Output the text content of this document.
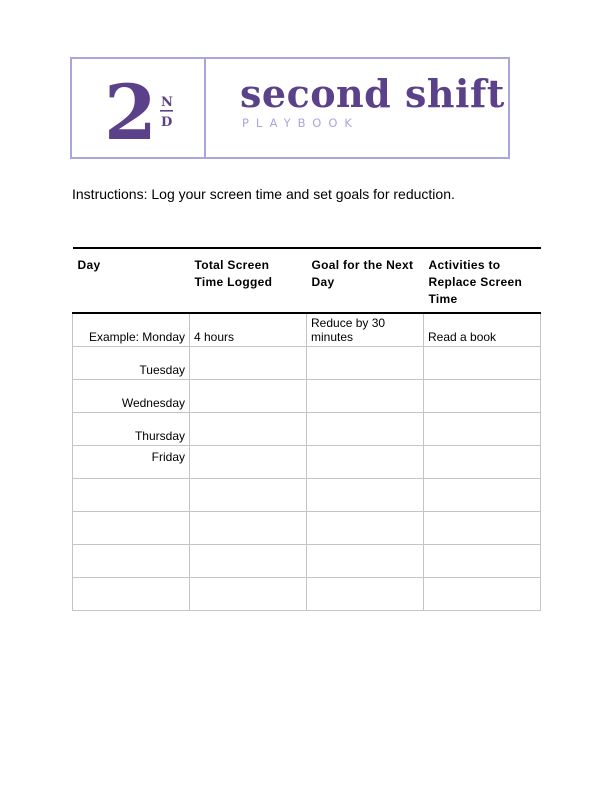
2 N
D
second shift
PLAYBOOK
Instructions: Log your screen time and set goals for reduction.
Day	Total Screen Time Logged	Goal for the Next Day	Activities to Replace Screen Time
Example: Monday	4 hours	Reduce by 30 minutes	Read a book
Tuesday			
Wednesday			
Thursday			
Friday			
